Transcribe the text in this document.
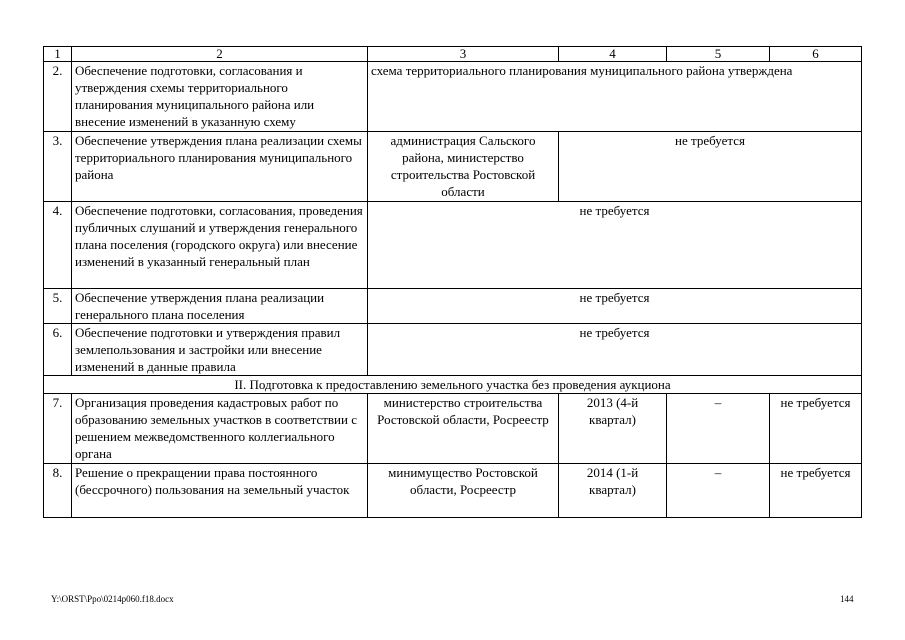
1	2	3	4	5	6
2.	Обеспечение подготовки, согласования и утверждения схемы территориального планирования муниципального района или внесение изменений в указанную схему	схема территориального планирования муниципального района утверждена			
3.	Обеспечение утверждения плана реализации схемы территориального планирования муниципального района	администрация Сальского района, министерство строительства Ростовской области	не требуется		
4.	Обеспечение подготовки, согласования, проведения публичных слушаний и утверждения генерального плана поселения (городского округа) или внесение изменений в указанный генеральный план	не требуется			
5.	Обеспечение утверждения плана реализации генерального плана поселения	не требуется			
6.	Обеспечение подготовки и утверждения правил землепользования и застройки или внесение изменений в данные правила	не требуется			
II. Подготовка к предоставлению земельного участка без проведения аукциона					
7.	Организация проведения кадастровых работ по образованию земельных участков в соответствии с решением межведомственного коллегиального органа	министерство строительства Ростовской области, Росреестр	2013 (4-й квартал)	–	не требуется
8.	Решение о прекращении права постоянного (бессрочного) пользования на земельный участок	минимущество Ростовской области, Росреестр	2014 (1-й квартал)	–	не требуется
Y:\ORST\Ppo\0214p060.f18.docx	144
